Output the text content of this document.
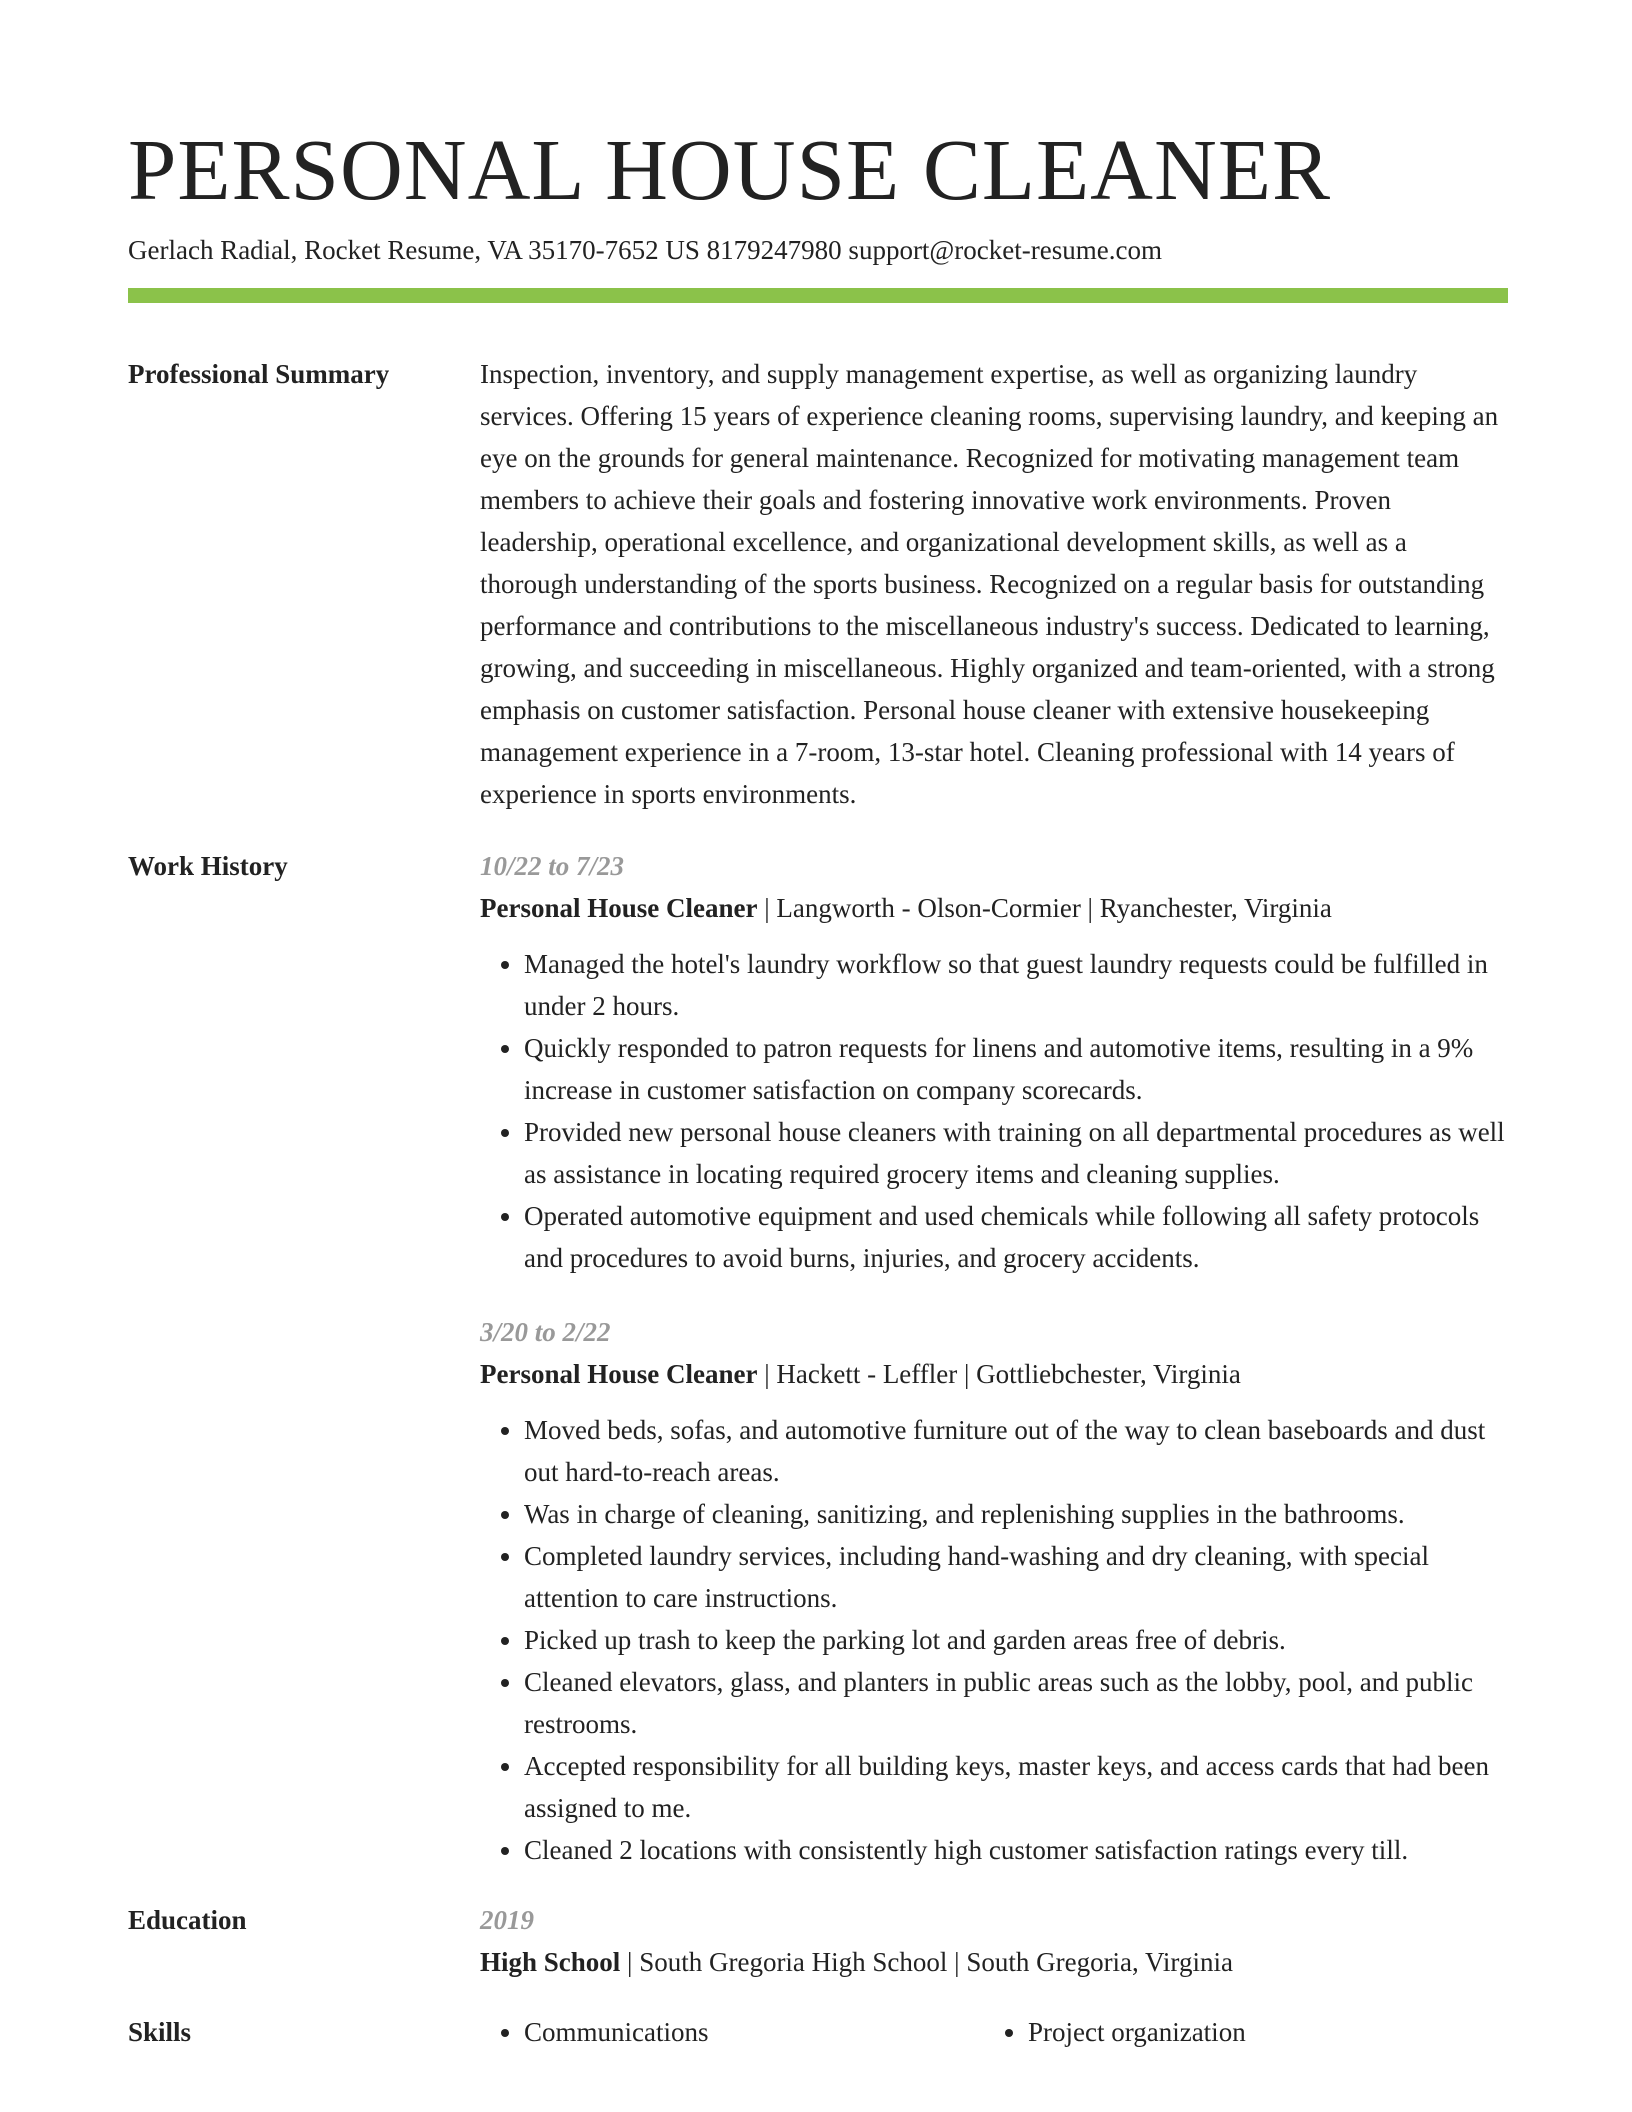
PERSONAL HOUSE CLEANER
Gerlach Radial, Rocket Resume, VA 35170-7652 US 8179247980 support@rocket-resume.com
Professional Summary	Inspection, inventory, and supply management expertise, as well as organizing laundry services. Offering 15 years of experience cleaning rooms, supervising laundry, and keeping an eye on the grounds for general maintenance. Recognized for motivating management team members to achieve their goals and fostering innovative work environments. Proven leadership, operational excellence, and organizational development skills, as well as a thorough understanding of the sports business. Recognized on a regular basis for outstanding performance and contributions to the miscellaneous industry's success. Dedicated to learning, growing, and succeeding in miscellaneous. Highly organized and team-oriented, with a strong emphasis on customer satisfaction. Personal house cleaner with extensive housekeeping management experience in a 7-room, 13-star hotel. Cleaning professional with 14 years of experience in sports environments.
Work History	10/22 to 7/23
Personal House Cleaner | Langworth - Olson-Cormier | Ryanchester, Virginia
• Managed the hotel's laundry workflow so that guest laundry requests could be fulfilled in under 2 hours.
• Quickly responded to patron requests for linens and automotive items, resulting in a 9% increase in customer satisfaction on company scorecards.
• Provided new personal house cleaners with training on all departmental procedures as well as assistance in locating required grocery items and cleaning supplies.
• Operated automotive equipment and used chemicals while following all safety protocols and procedures to avoid burns, injuries, and grocery accidents.
3/20 to 2/22
Personal House Cleaner | Hackett - Leffler | Gottliebchester, Virginia
• Moved beds, sofas, and automotive furniture out of the way to clean baseboards and dust out hard-to-reach areas.
• Was in charge of cleaning, sanitizing, and replenishing supplies in the bathrooms.
• Completed laundry services, including hand-washing and dry cleaning, with special attention to care instructions.
• Picked up trash to keep the parking lot and garden areas free of debris.
• Cleaned elevators, glass, and planters in public areas such as the lobby, pool, and public restrooms.
• Accepted responsibility for all building keys, master keys, and access cards that had been assigned to me.
• Cleaned 2 locations with consistently high customer satisfaction ratings every till.
Education	2019
High School | South Gregoria High School | South Gregoria, Virginia
Skills	• Communications	• Project organization
